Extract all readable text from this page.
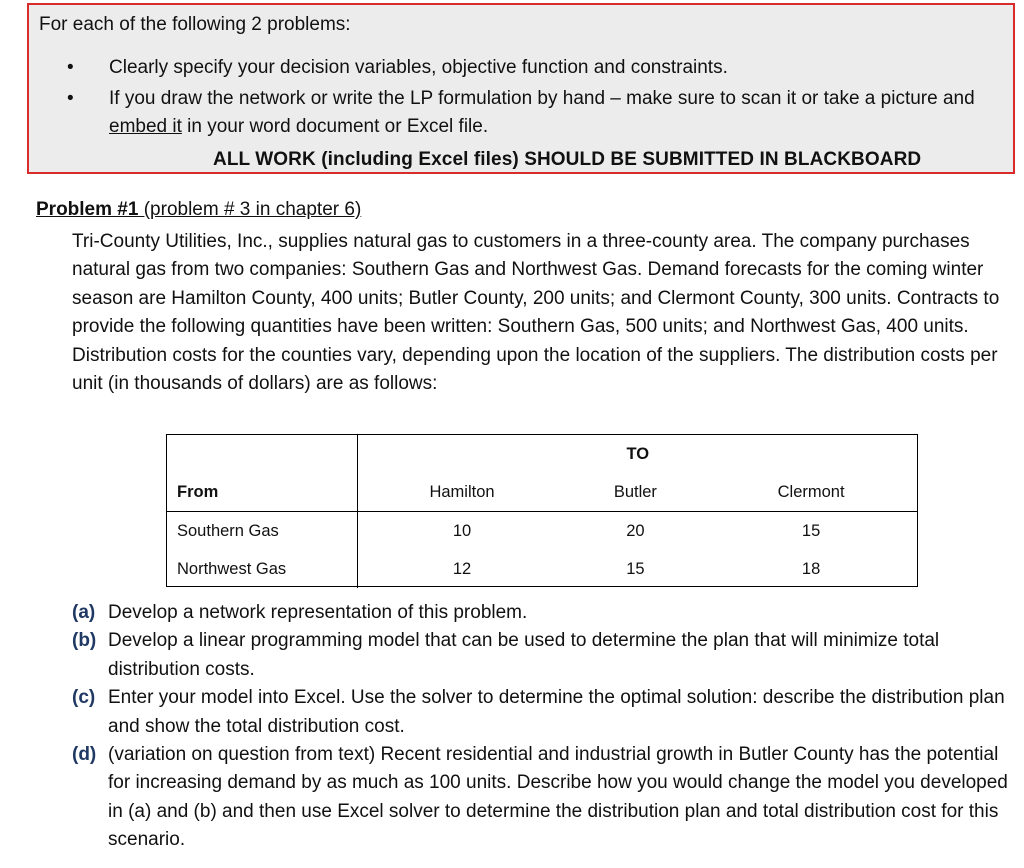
For each of the following 2 problems:

• Clearly specify your decision variables, objective function and constraints.
• If you draw the network or write the LP formulation by hand – make sure to scan it or take a picture and embed it in your word document or Excel file.
ALL WORK (including Excel files) SHOULD BE SUBMITTED IN BLACKBOARD
Problem #1 (problem # 3 in chapter 6)

Tri-County Utilities, Inc., supplies natural gas to customers in a three-county area. The company purchases natural gas from two companies: Southern Gas and Northwest Gas. Demand forecasts for the coming winter season are Hamilton County, 400 units; Butler County, 200 units; and Clermont County, 300 units. Contracts to provide the following quantities have been written: Southern Gas, 500 units; and Northwest Gas, 400 units. Distribution costs for the counties vary, depending upon the location of the suppliers. The distribution costs per unit (in thousands of dollars) are as follows:

	TO		
From	Hamilton	Butler	Clermont
Southern Gas	10	20	15
Northwest Gas	12	15	18

(a) Develop a network representation of this problem.

(b) Develop a linear programming model that can be used to determine the plan that will minimize total distribution costs.

(c) Enter your model into Excel. Use the solver to determine the optimal solution: describe the distribution plan and show the total distribution cost.

(d) (variation on question from text) Recent residential and industrial growth in Butler County has the potential for increasing demand by as much as 100 units. Describe how you would change the model you developed in (a) and (b) and then use Excel solver to determine the distribution plan and total distribution cost for this scenario.
